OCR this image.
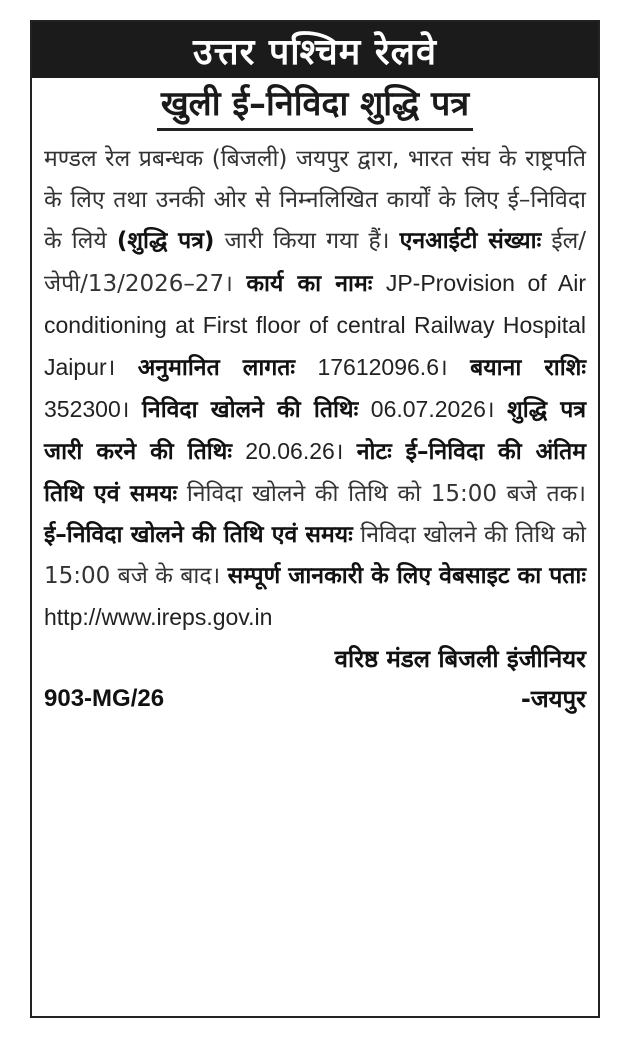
उत्तर पश्चिम रेलवे
खुली ई–निविदा शुद्धि पत्र
मण्डल रेल प्रबन्धक (बिजली) जयपुर द्वारा, भारत संघ के राष्ट्रपति के लिए तथा उनकी ओर से निम्नलिखित कार्यों के लिए ई–निविदा के लिये (शुद्धि पत्र) जारी किया गया हैं। एनआईटी संख्याः ईल/जेपी/13/2026–27। कार्य का नामः JP-Provision of Air conditioning at First floor of central Railway Hospital Jaipur। अनुमानित लागतः 17612096.6। बयाना राशिः 352300। निविदा खोलने की तिथिः 06.07.2026। शुद्धि पत्र जारी करने की तिथिः 20.06.26। नोटः ई–निविदा की अंतिम तिथि एवं समयः निविदा खोलने की तिथि को 15:00 बजे तक। ई–निविदा खोलने की तिथि एवं समयः निविदा खोलने की तिथि को 15:00 बजे के बाद। सम्पूर्ण जानकारी के लिए वेबसाइट का पताः http://www.ireps.gov.in
वरिष्ठ मंडल बिजली इंजीनियर
903-MG/26	-जयपुर
